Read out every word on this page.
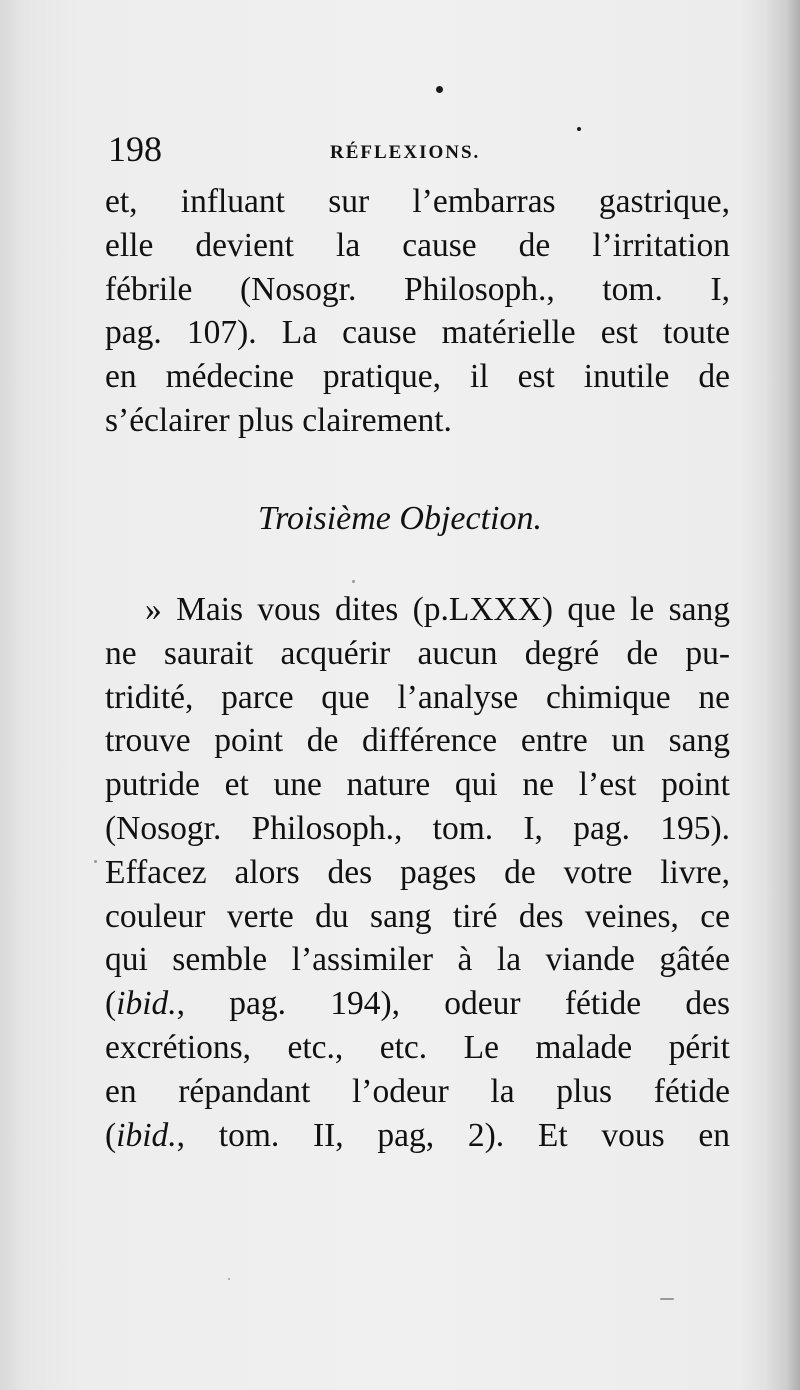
198	RÉFLEXIONS.
et, influant sur l’embarras gastrique,
elle devient la cause de l’irritation
fébrile (Nosogr. Philosoph., tom. I,
pag. 107). La cause matérielle est toute
en médecine pratique, il est inutile de
s’éclairer plus clairement.
Troisième Objection.
» Mais vous dites (p.LXXX) que le sang
ne saurait acquérir aucun degré de pu-
tridité, parce que l’analyse chimique ne
trouve point de différence entre un sang
putride et une nature qui ne l’est point
(Nosogr. Philosoph., tom. I, pag. 195).
Effacez alors des pages de votre livre,
couleur verte du sang tiré des veines, ce
qui semble l’assimiler à la viande gâtée
(ibid., pag. 194), odeur fétide des
excrétions, etc., etc. Le malade périt
en répandant l’odeur la plus fétide
(ibid., tom. II, pag, 2). Et vous en
